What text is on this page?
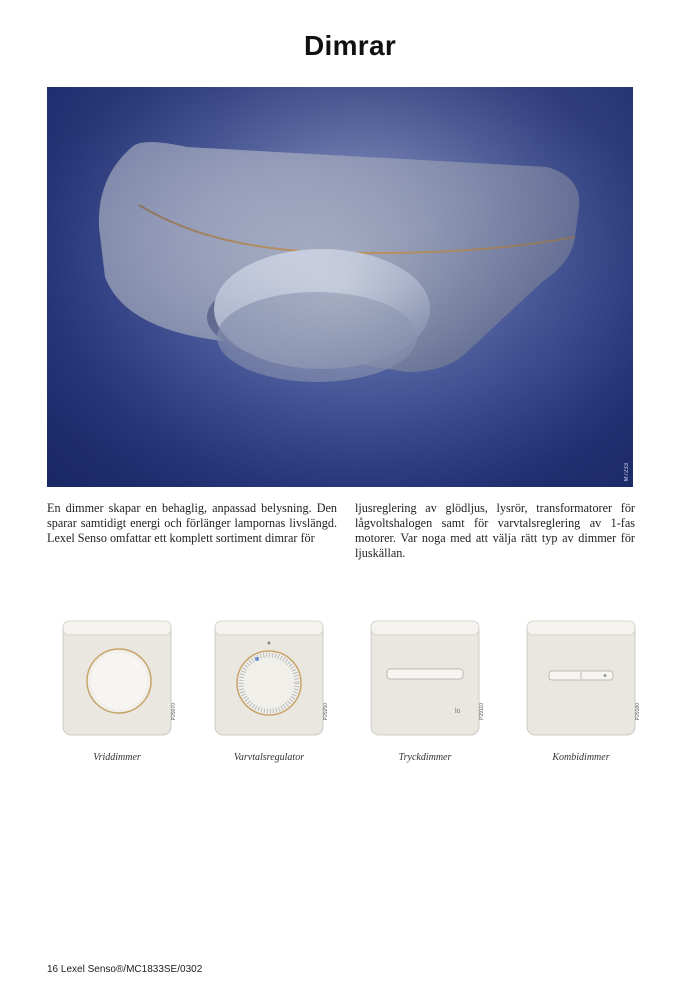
Dimrar
M7233
En dimmer skapar en behaglig, anpassad belysning. Den sparar samtidigt energi och förlänger lampornas livslängd. Lexel Senso omfattar ett komplett sortiment dimrar för
ljusreglering av glödljus, lysrör, transformatorer för lågvoltshalogen samt för varvtalsreglering av 1-fas motorer. Var noga med att välja rätt typ av dimmer för ljuskällan.
P29070
Vriddimmer
P29250
Varvtalsregulator
lo	P29110
Tryckdimmer
P29180
Kombidimmer
16 Lexel Senso®/MC1833SE/0302
